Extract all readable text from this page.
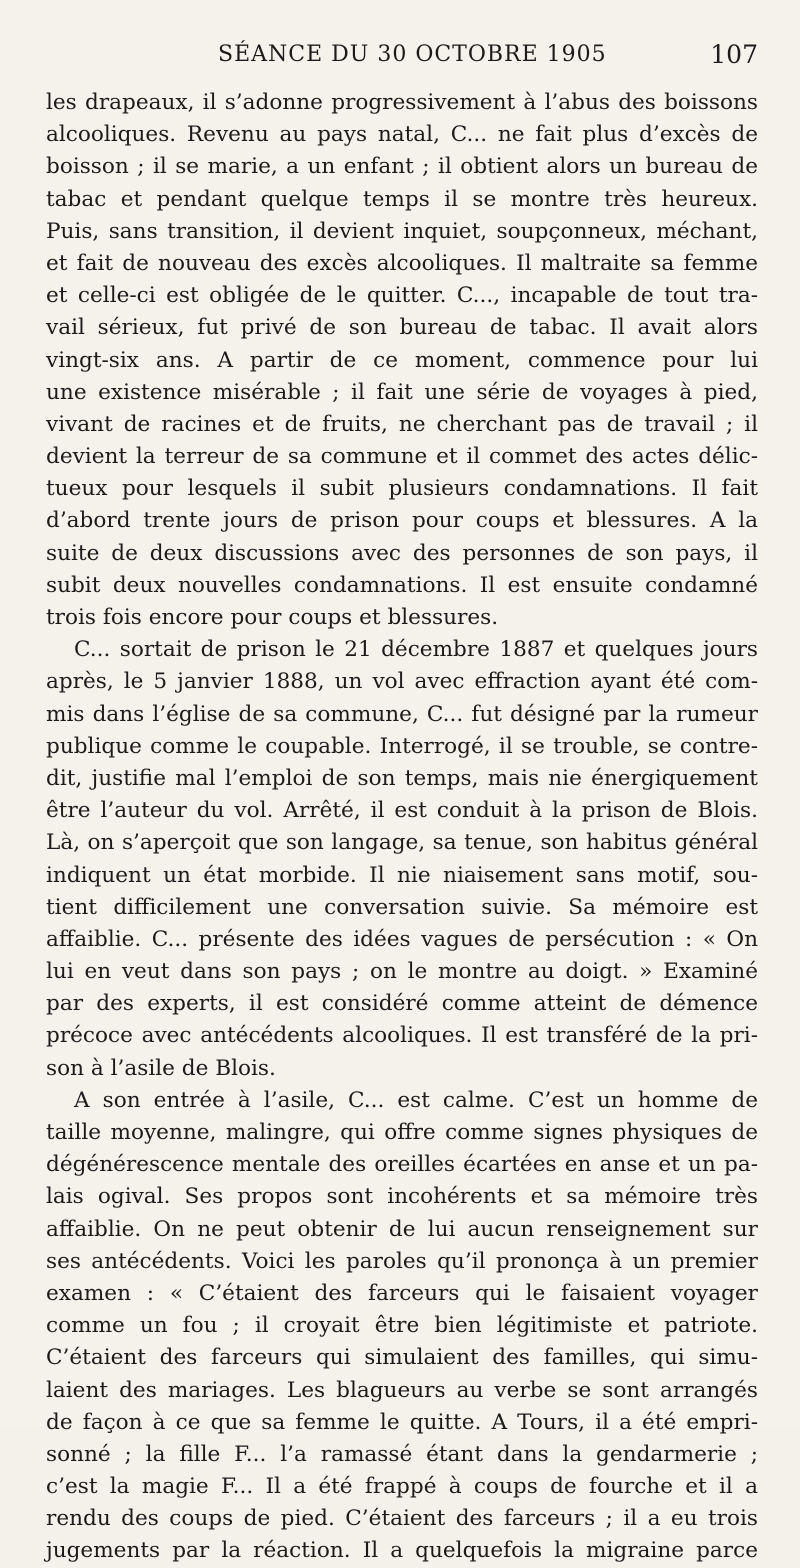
SÉANCE DU 30 OCTOBRE 1905	107
les drapeaux, il s’adonne progressivement à l’abus des boissons
alcooliques. Revenu au pays natal, C... ne fait plus d’excès de
boisson ; il se marie, a un enfant ; il obtient alors un bureau de
tabac et pendant quelque temps il se montre très heureux.
Puis, sans transition, il devient inquiet, soupçonneux, méchant,
et fait de nouveau des excès alcooliques. Il maltraite sa femme
et celle-ci est obligée de le quitter. C..., incapable de tout tra-
vail sérieux, fut privé de son bureau de tabac. Il avait alors
vingt-six ans. A partir de ce moment, commence pour lui
une existence misérable ; il fait une série de voyages à pied,
vivant de racines et de fruits, ne cherchant pas de travail ; il
devient la terreur de sa commune et il commet des actes délic-
tueux pour lesquels il subit plusieurs condamnations. Il fait
d’abord trente jours de prison pour coups et blessures. A la
suite de deux discussions avec des personnes de son pays, il
subit deux nouvelles condamnations. Il est ensuite condamné
trois fois encore pour coups et blessures.
C... sortait de prison le 21 décembre 1887 et quelques jours
après, le 5 janvier 1888, un vol avec effraction ayant été com-
mis dans l’église de sa commune, C... fut désigné par la rumeur
publique comme le coupable. Interrogé, il se trouble, se contre-
dit, justifie mal l’emploi de son temps, mais nie énergiquement
être l’auteur du vol. Arrêté, il est conduit à la prison de Blois.
Là, on s’aperçoit que son langage, sa tenue, son habitus général
indiquent un état morbide. Il nie niaisement sans motif, sou-
tient difficilement une conversation suivie. Sa mémoire est
affaiblie. C... présente des idées vagues de persécution : « On
lui en veut dans son pays ; on le montre au doigt. » Examiné
par des experts, il est considéré comme atteint de démence
précoce avec antécédents alcooliques. Il est transféré de la pri-
son à l’asile de Blois.
A son entrée à l’asile, C... est calme. C’est un homme de
taille moyenne, malingre, qui offre comme signes physiques de
dégénérescence mentale des oreilles écartées en anse et un pa-
lais ogival. Ses propos sont incohérents et sa mémoire très
affaiblie. On ne peut obtenir de lui aucun renseignement sur
ses antécédents. Voici les paroles qu’il prononça à un premier
examen : « C’étaient des farceurs qui le faisaient voyager
comme un fou ; il croyait être bien légitimiste et patriote.
C’étaient des farceurs qui simulaient des familles, qui simu-
laient des mariages. Les blagueurs au verbe se sont arrangés
de façon à ce que sa femme le quitte. A Tours, il a été empri-
sonné ; la fille F... l’a ramassé étant dans la gendarmerie ;
c’est la magie F... Il a été frappé à coups de fourche et il a
rendu des coups de pied. C’étaient des farceurs ; il a eu trois
jugements par la réaction. Il a quelquefois la migraine parce
